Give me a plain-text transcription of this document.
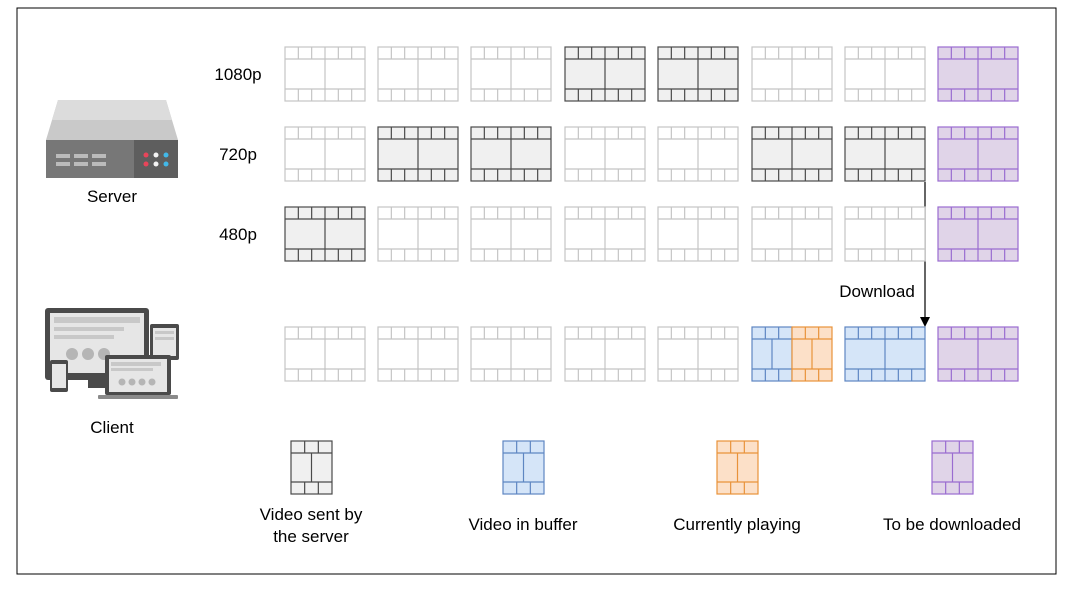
Server
Client
Download
1080p
720p
480p
Video sent by
the server
Video in buffer	Currently playing	To be downloaded
